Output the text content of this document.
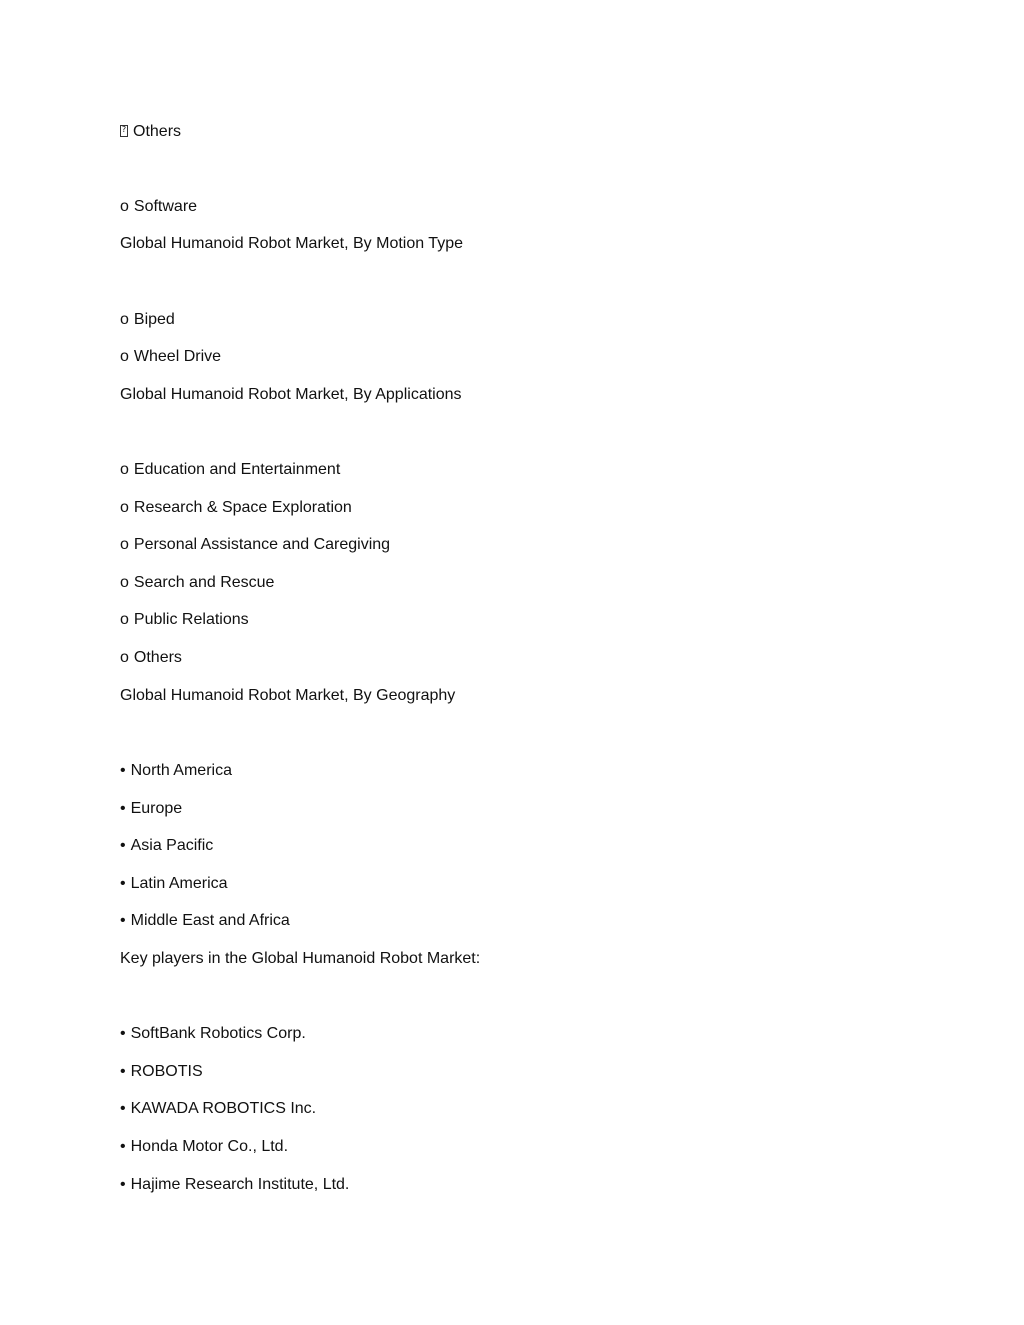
?Others

o Software

Global Humanoid Robot Market, By Motion Type

o Biped

o Wheel Drive

Global Humanoid Robot Market, By Applications

o Education and Entertainment

o Research & Space Exploration

o Personal Assistance and Caregiving

o Search and Rescue

o Public Relations

o Others

Global Humanoid Robot Market, By Geography

• North America

• Europe

• Asia Pacific

• Latin America

• Middle East and Africa

Key players in the Global Humanoid Robot Market:

• SoftBank Robotics Corp.

• ROBOTIS

• KAWADA ROBOTICS Inc.

• Honda Motor Co., Ltd.

• Hajime Research Institute, Ltd.
